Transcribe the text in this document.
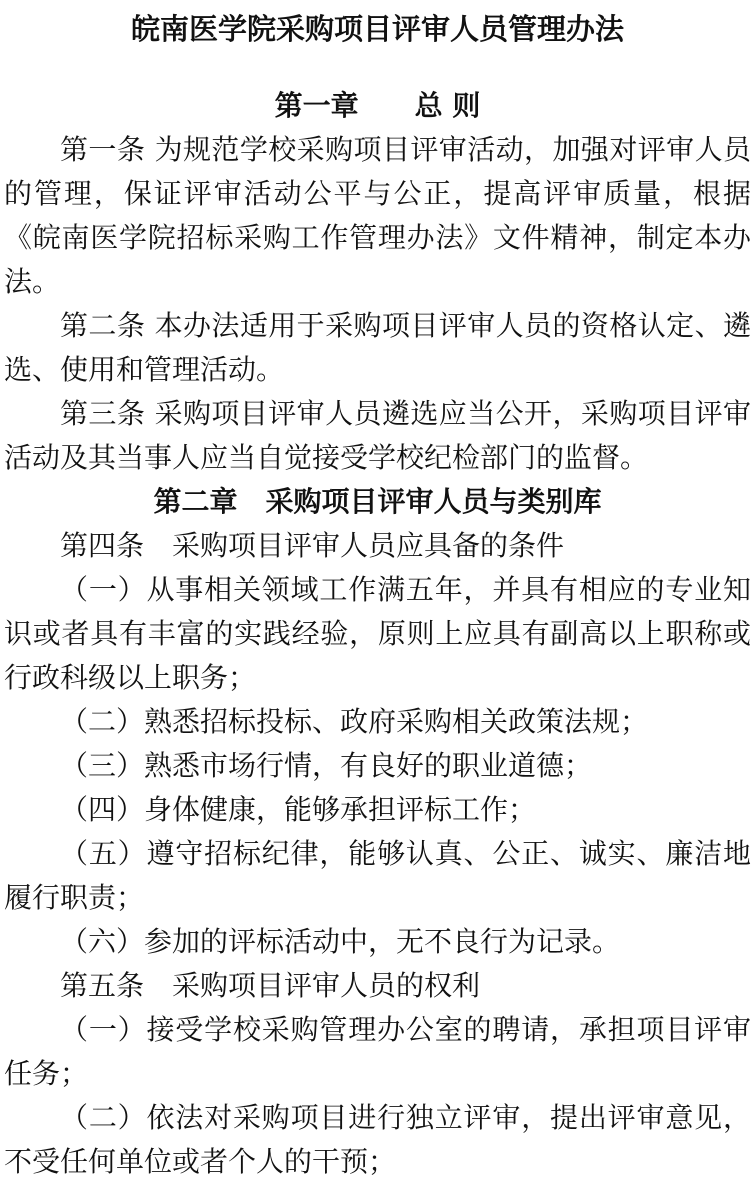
皖南医学院采购项目评审人员管理办法

第一章　　总 则

第一条 为规范学校采购项目评审活动，加强对评审人员的管理，保证评审活动公平与公正，提高评审质量，根据《皖南医学院招标采购工作管理办法》文件精神，制定本办法。

第二条 本办法适用于采购项目评审人员的资格认定、遴选、使用和管理活动。

第三条 采购项目评审人员遴选应当公开，采购项目评审活动及其当事人应当自觉接受学校纪检部门的监督。

第二章　采购项目评审人员与类别库

第四条　采购项目评审人员应具备的条件

（一）从事相关领域工作满五年，并具有相应的专业知识或者具有丰富的实践经验，原则上应具有副高以上职称或行政科级以上职务；

（二）熟悉招标投标、政府采购相关政策法规；

（三）熟悉市场行情，有良好的职业道德；

（四）身体健康，能够承担评标工作；

（五）遵守招标纪律，能够认真、公正、诚实、廉洁地履行职责；

（六）参加的评标活动中，无不良行为记录。

第五条　采购项目评审人员的权利

（一）接受学校采购管理办公室的聘请，承担项目评审任务；

（二）依法对采购项目进行独立评审，提出评审意见，不受任何单位或者个人的干预；
